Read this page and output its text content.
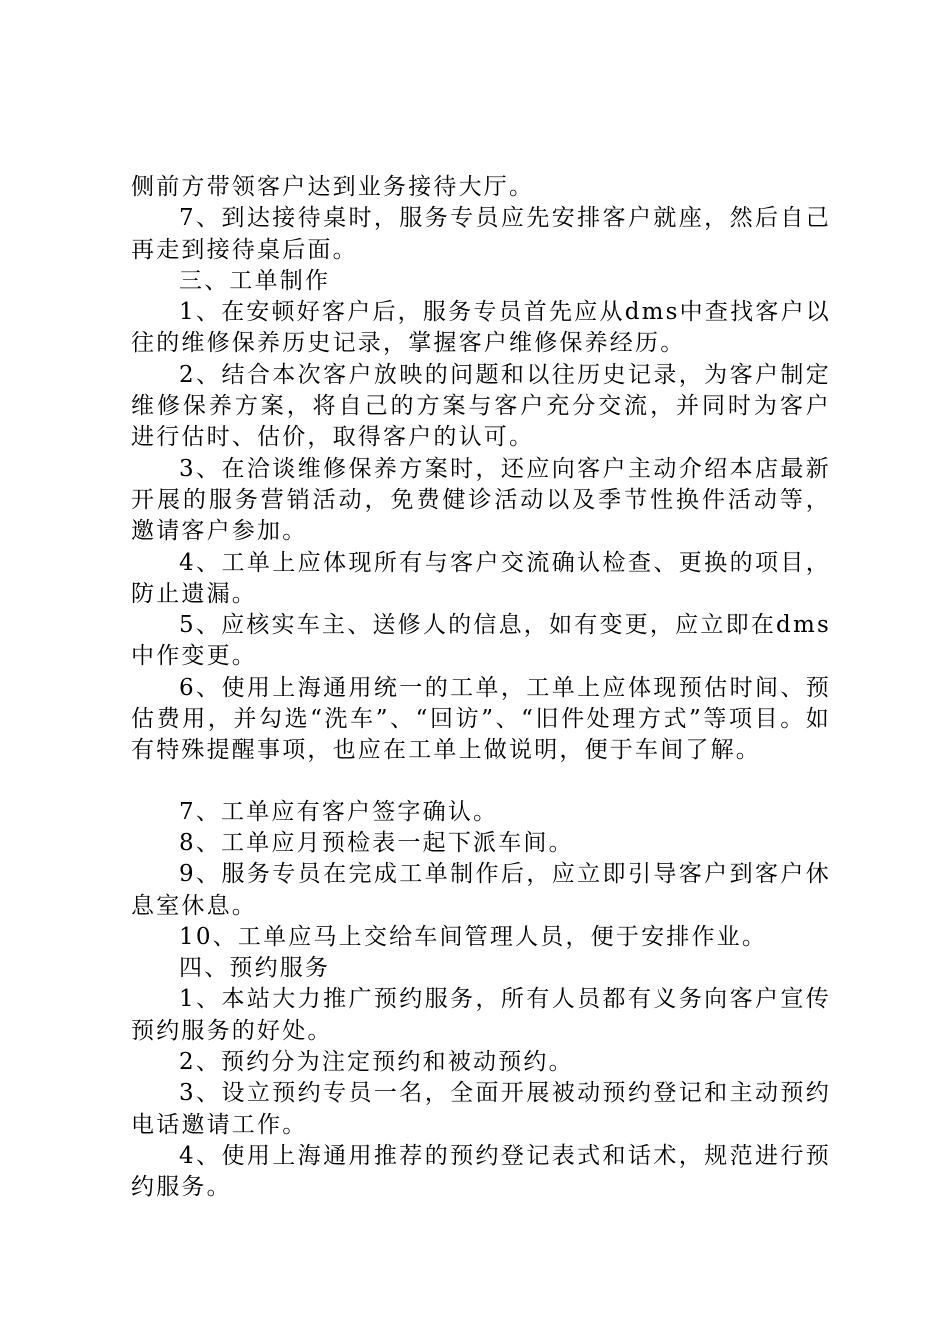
侧前方带领客户达到业务接待大厅。

7、到达接待桌时，服务专员应先安排客户就座，然后自己再走到接待桌后面。

三、工单制作

1、在安顿好客户后，服务专员首先应从dms中查找客户以往的维修保养历史记录，掌握客户维修保养经历。

2、结合本次客户放映的问题和以往历史记录，为客户制定维修保养方案，将自己的方案与客户充分交流，并同时为客户进行估时、估价，取得客户的认可。

3、在洽谈维修保养方案时，还应向客户主动介绍本店最新开展的服务营销活动，免费健诊活动以及季节性换件活动等，邀请客户参加。

4、工单上应体现所有与客户交流确认检查、更换的项目，防止遗漏。

5、应核实车主、送修人的信息，如有变更，应立即在dms中作变更。

6、使用上海通用统一的工单，工单上应体现预估时间、预估费用，并勾选“洗车”、“回访”、“旧件处理方式”等项目。如有特殊提醒事项，也应在工单上做说明，便于车间了解。

7、工单应有客户签字确认。

8、工单应月预检表一起下派车间。

9、服务专员在完成工单制作后，应立即引导客户到客户休息室休息。

10、工单应马上交给车间管理人员，便于安排作业。

四、预约服务

1、本站大力推广预约服务，所有人员都有义务向客户宣传预约服务的好处。

2、预约分为注定预约和被动预约。

3、设立预约专员一名，全面开展被动预约登记和主动预约电话邀请工作。

4、使用上海通用推荐的预约登记表式和话术，规范进行预约服务。
